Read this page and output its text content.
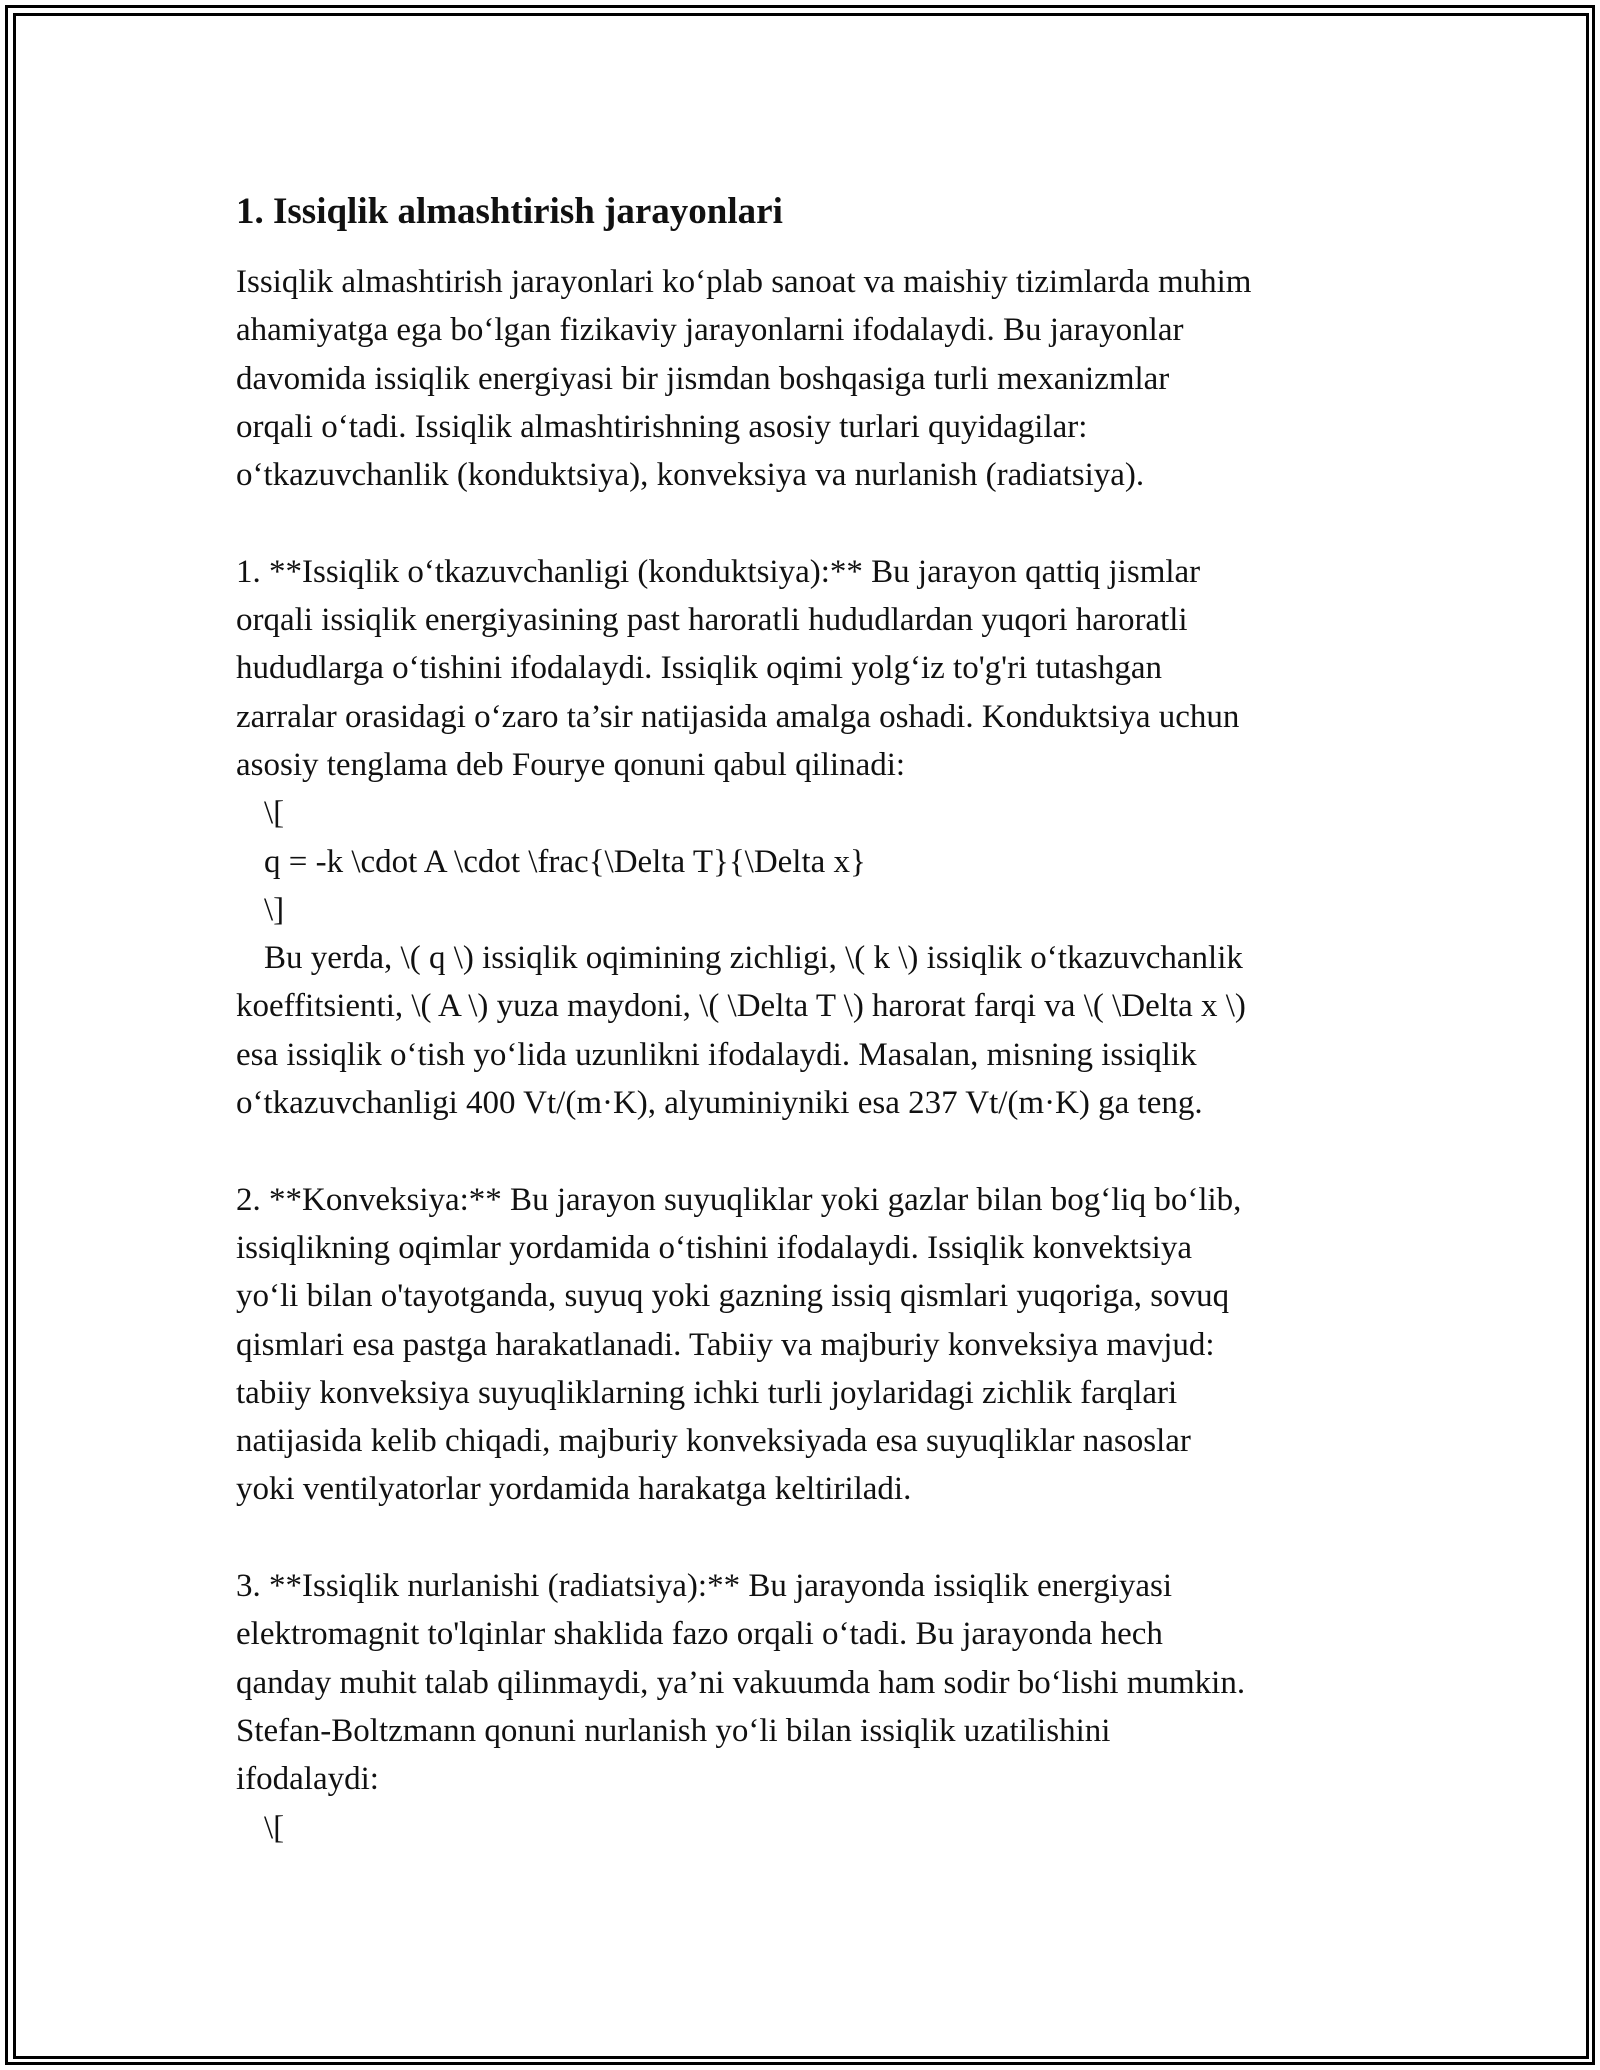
1. Issiqlik almashtirish jarayonlari

Issiqlik almashtirish jarayonlari ko‘plab sanoat va maishiy tizimlarda muhim

ahamiyatga ega bo‘lgan fizikaviy jarayonlarni ifodalaydi. Bu jarayonlar

davomida issiqlik energiyasi bir jismdan boshqasiga turli mexanizmlar

orqali o‘tadi. Issiqlik almashtirishning asosiy turlari quyidagilar:

o‘tkazuvchanlik (konduktsiya), konveksiya va nurlanish (radiatsiya).

1. **Issiqlik o‘tkazuvchanligi (konduktsiya):** Bu jarayon qattiq jismlar

orqali issiqlik energiyasining past haroratli hududlardan yuqori haroratli

hududlarga o‘tishini ifodalaydi. Issiqlik oqimi yolg‘iz to'g'ri tutashgan

zarralar orasidagi o‘zaro ta’sir natijasida amalga oshadi. Konduktsiya uchun

asosiy tenglama deb Fourye qonuni qabul qilinadi:

\[

q = -k \cdot A \cdot \frac{\Delta T}{\Delta x}

\]

Bu yerda, \( q \) issiqlik oqimining zichligi, \( k \) issiqlik o‘tkazuvchanlik

koeffitsienti, \( A \) yuza maydoni, \( \Delta T \) harorat farqi va \( \Delta x \)

esa issiqlik o‘tish yo‘lida uzunlikni ifodalaydi. Masalan, misning issiqlik

o‘tkazuvchanligi 400 Vt/(m·K), alyuminiyniki esa 237 Vt/(m·K) ga teng.

2. **Konveksiya:** Bu jarayon suyuqliklar yoki gazlar bilan bog‘liq bo‘lib,

issiqlikning oqimlar yordamida o‘tishini ifodalaydi. Issiqlik konvektsiya

yo‘li bilan o'tayotganda, suyuq yoki gazning issiq qismlari yuqoriga, sovuq

qismlari esa pastga harakatlanadi. Tabiiy va majburiy konveksiya mavjud:

tabiiy konveksiya suyuqliklarning ichki turli joylaridagi zichlik farqlari

natijasida kelib chiqadi, majburiy konveksiyada esa suyuqliklar nasoslar

yoki ventilyatorlar yordamida harakatga keltiriladi.

3. **Issiqlik nurlanishi (radiatsiya):** Bu jarayonda issiqlik energiyasi

elektromagnit to'lqinlar shaklida fazo orqali o‘tadi. Bu jarayonda hech

qanday muhit talab qilinmaydi, ya’ni vakuumda ham sodir bo‘lishi mumkin.

Stefan-Boltzmann qonuni nurlanish yo‘li bilan issiqlik uzatilishini

ifodalaydi:

\[
